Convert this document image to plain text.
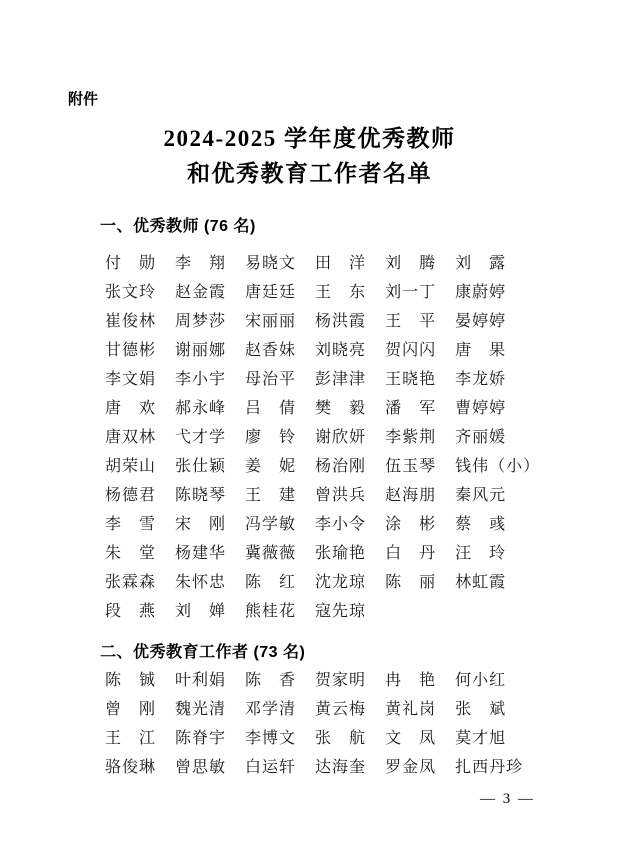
附件
2024-2025 学年度优秀教师
和优秀教育工作者名单
一、优秀教师 (76 名)
付　勋 李　翔 易晓文 田　洋 刘　腾 刘　露
张文玲 赵金霞 唐廷廷 王　东 刘一丁 康蔚婷
崔俊林 周梦莎 宋丽丽 杨洪霞 王　平 晏婷婷
甘德彬 谢丽娜 赵香妹 刘晓亮 贺闪闪 唐　果
李文娟 李小宇 母治平 彭津津 王晓艳 李龙娇
唐　欢 郝永峰 吕　倩 樊　毅 潘　军 曹婷婷
唐双林 弋才学 廖　铃 谢欣妍 李紫荆 齐丽媛
胡荣山 张仕颖 姜　妮 杨治刚 伍玉琴 钱伟（小）
杨德君 陈晓琴 王　建 曾洪兵 赵海朋 秦风元
李　雪 宋　刚 冯学敏 李小令 涂　彬 蔡　彧
朱　堂 杨建华 冀薇薇 张瑜艳 白　丹 汪　玲
张霖森 朱怀忠 陈　红 沈龙琼 陈　丽 林虹霞
段　燕 刘　婵 熊桂花 寇先琼
二、优秀教育工作者 (73 名)
陈　铖 叶利娟 陈　香 贺家明 冉　艳 何小红
曾　刚 魏光清 邓学清 黄云梅 黄礼岗 张　斌
王　江 陈脊宇 李博文 张　航 文　凤 莫才旭
骆俊琳 曾思敏 白运轩 达海奎 罗金凤 扎西丹珍
— 3 —
